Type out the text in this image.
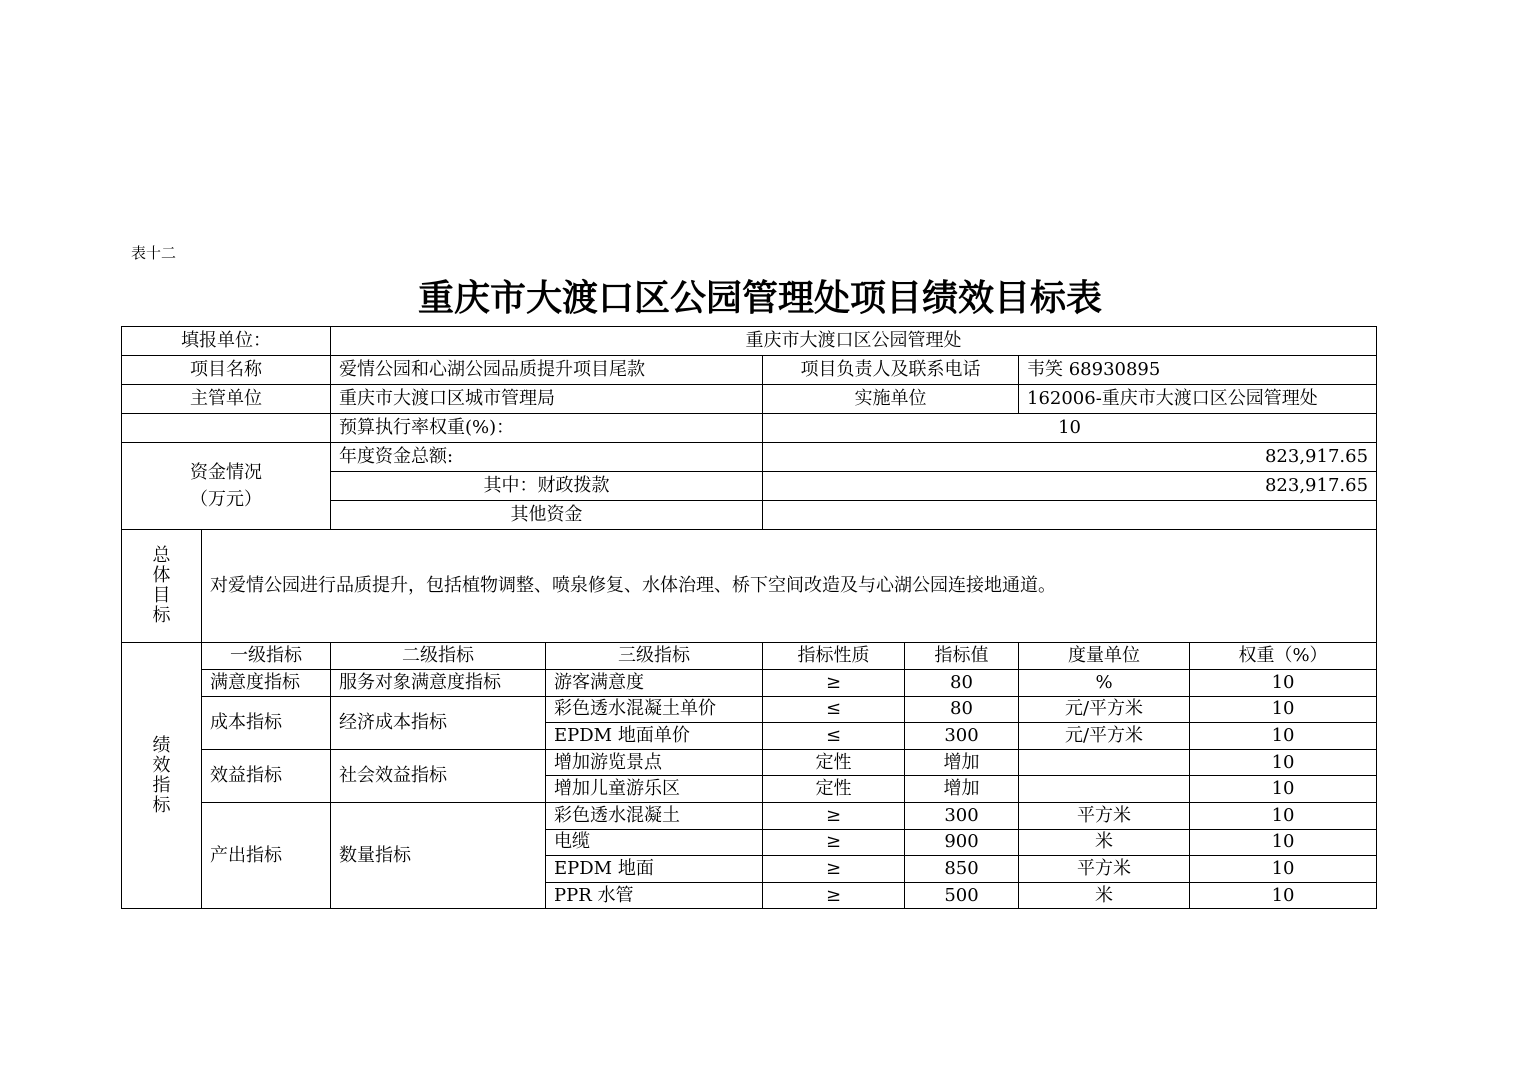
表十二
重庆市大渡口区公园管理处项目绩效目标表
填报单位：		重庆市大渡口区公园管理处					
项目名称		爱情公园和心湖公园品质提升项目尾款		项目负责人及联系电话		韦笑 68930895	
主管单位		重庆市大渡口区城市管理局		实施单位		162006-重庆市大渡口区公园管理处	
		预算执行率权重(%)：		10			

资金情况
（万元）		年度资金总额:		823,917.65			
		其中：财政拨款		823,917.65			
		其他资金					

总
体
目
标	对爱情公园进行品质提升，包括植物调整、喷泉修复、水体治理、桥下空间改造及与心湖公园连接地通道。						

绩
效
指
标	一级指标	二级指标	三级指标	指标性质	指标值	度量单位	权重（%）
	满意度指标	服务对象满意度指标	游客满意度	≥	80	%	10
	成本指标	经济成本指标	彩色透水混凝土单价	≤	80	元/平方米	10
			EPDM 地面单价	≤	300	元/平方米	10
	效益指标	社会效益指标	增加游览景点	定性	增加		10
			增加儿童游乐区	定性	增加		10
	产出指标	数量指标	彩色透水混凝土	≥	300	平方米	10
			电缆	≥	900	米	10
			EPDM 地面	≥	850	平方米	10
			PPR 水管	≥	500	米	10
